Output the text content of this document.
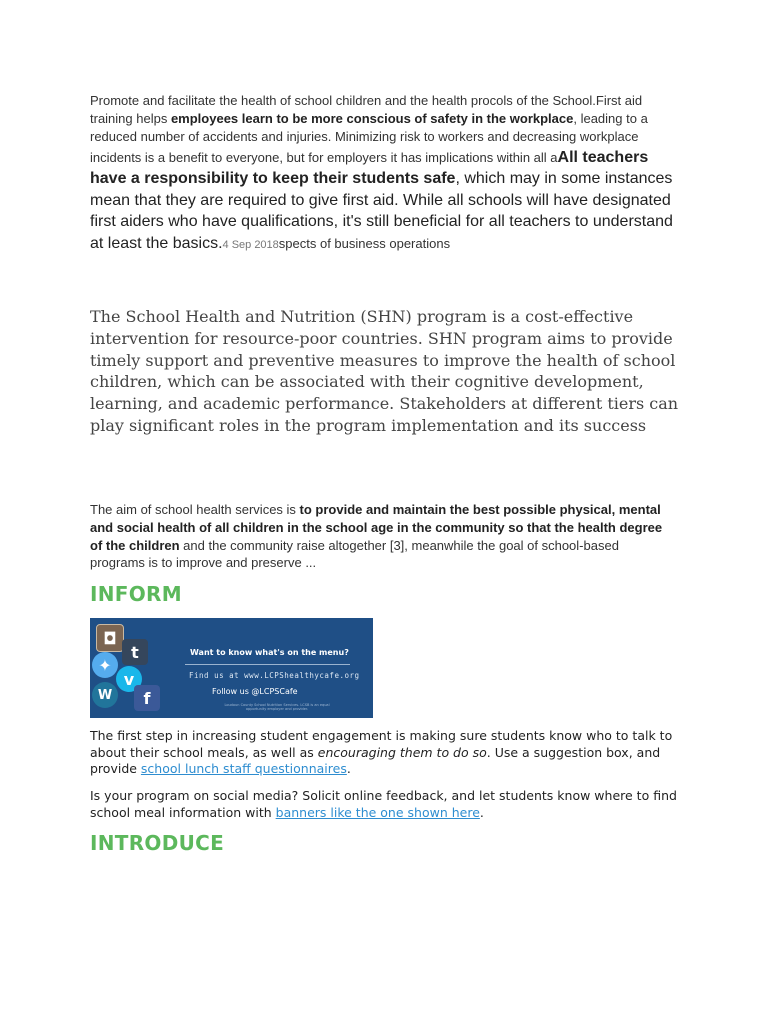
Promote and facilitate the health of school children and the health procols of the School.First aid training helps employees learn to be more conscious of safety in the workplace, leading to a reduced number of accidents and injuries. Minimizing risk to workers and decreasing workplace incidents is a benefit to everyone, but for employers it has implications within all aAll teachers have a responsibility to keep their students safe, which may in some instances mean that they are required to give first aid. While all schools will have designated first aiders who have qualifications, it's still beneficial for all teachers to understand at least the basics.4 Sep 2018spects of business operations

The School Health and Nutrition (SHN) program is a cost-effective intervention for resource-poor countries. SHN program aims to provide timely support and preventive measures to improve the health of school children, which can be associated with their cognitive development, learning, and academic performance. Stakeholders at different tiers can play significant roles in the program implementation and its success

The aim of school health services is to provide and maintain the best possible physical, mental and social health of all children in the school age in the community so that the health degree of the children and the community raise altogether [3], meanwhile the goal of school-based programs is to improve and preserve ...

INFORM
◘
t
✦
v
W	f
Want to know what's on the menu?
Find us at www.LCPShealthycafe.org
Follow us @LCPSCafe
Loudoun County School Nutrition Services. LCSB is an equal opportunity employer and provider.

The first step in increasing student engagement is making sure students know who to talk to about their school meals, as well as encouraging them to do so. Use a suggestion box, and provide school lunch staff questionnaires.

Is your program on social media? Solicit online feedback, and let students know where to find school meal information with banners like the one shown here.

INTRODUCE
